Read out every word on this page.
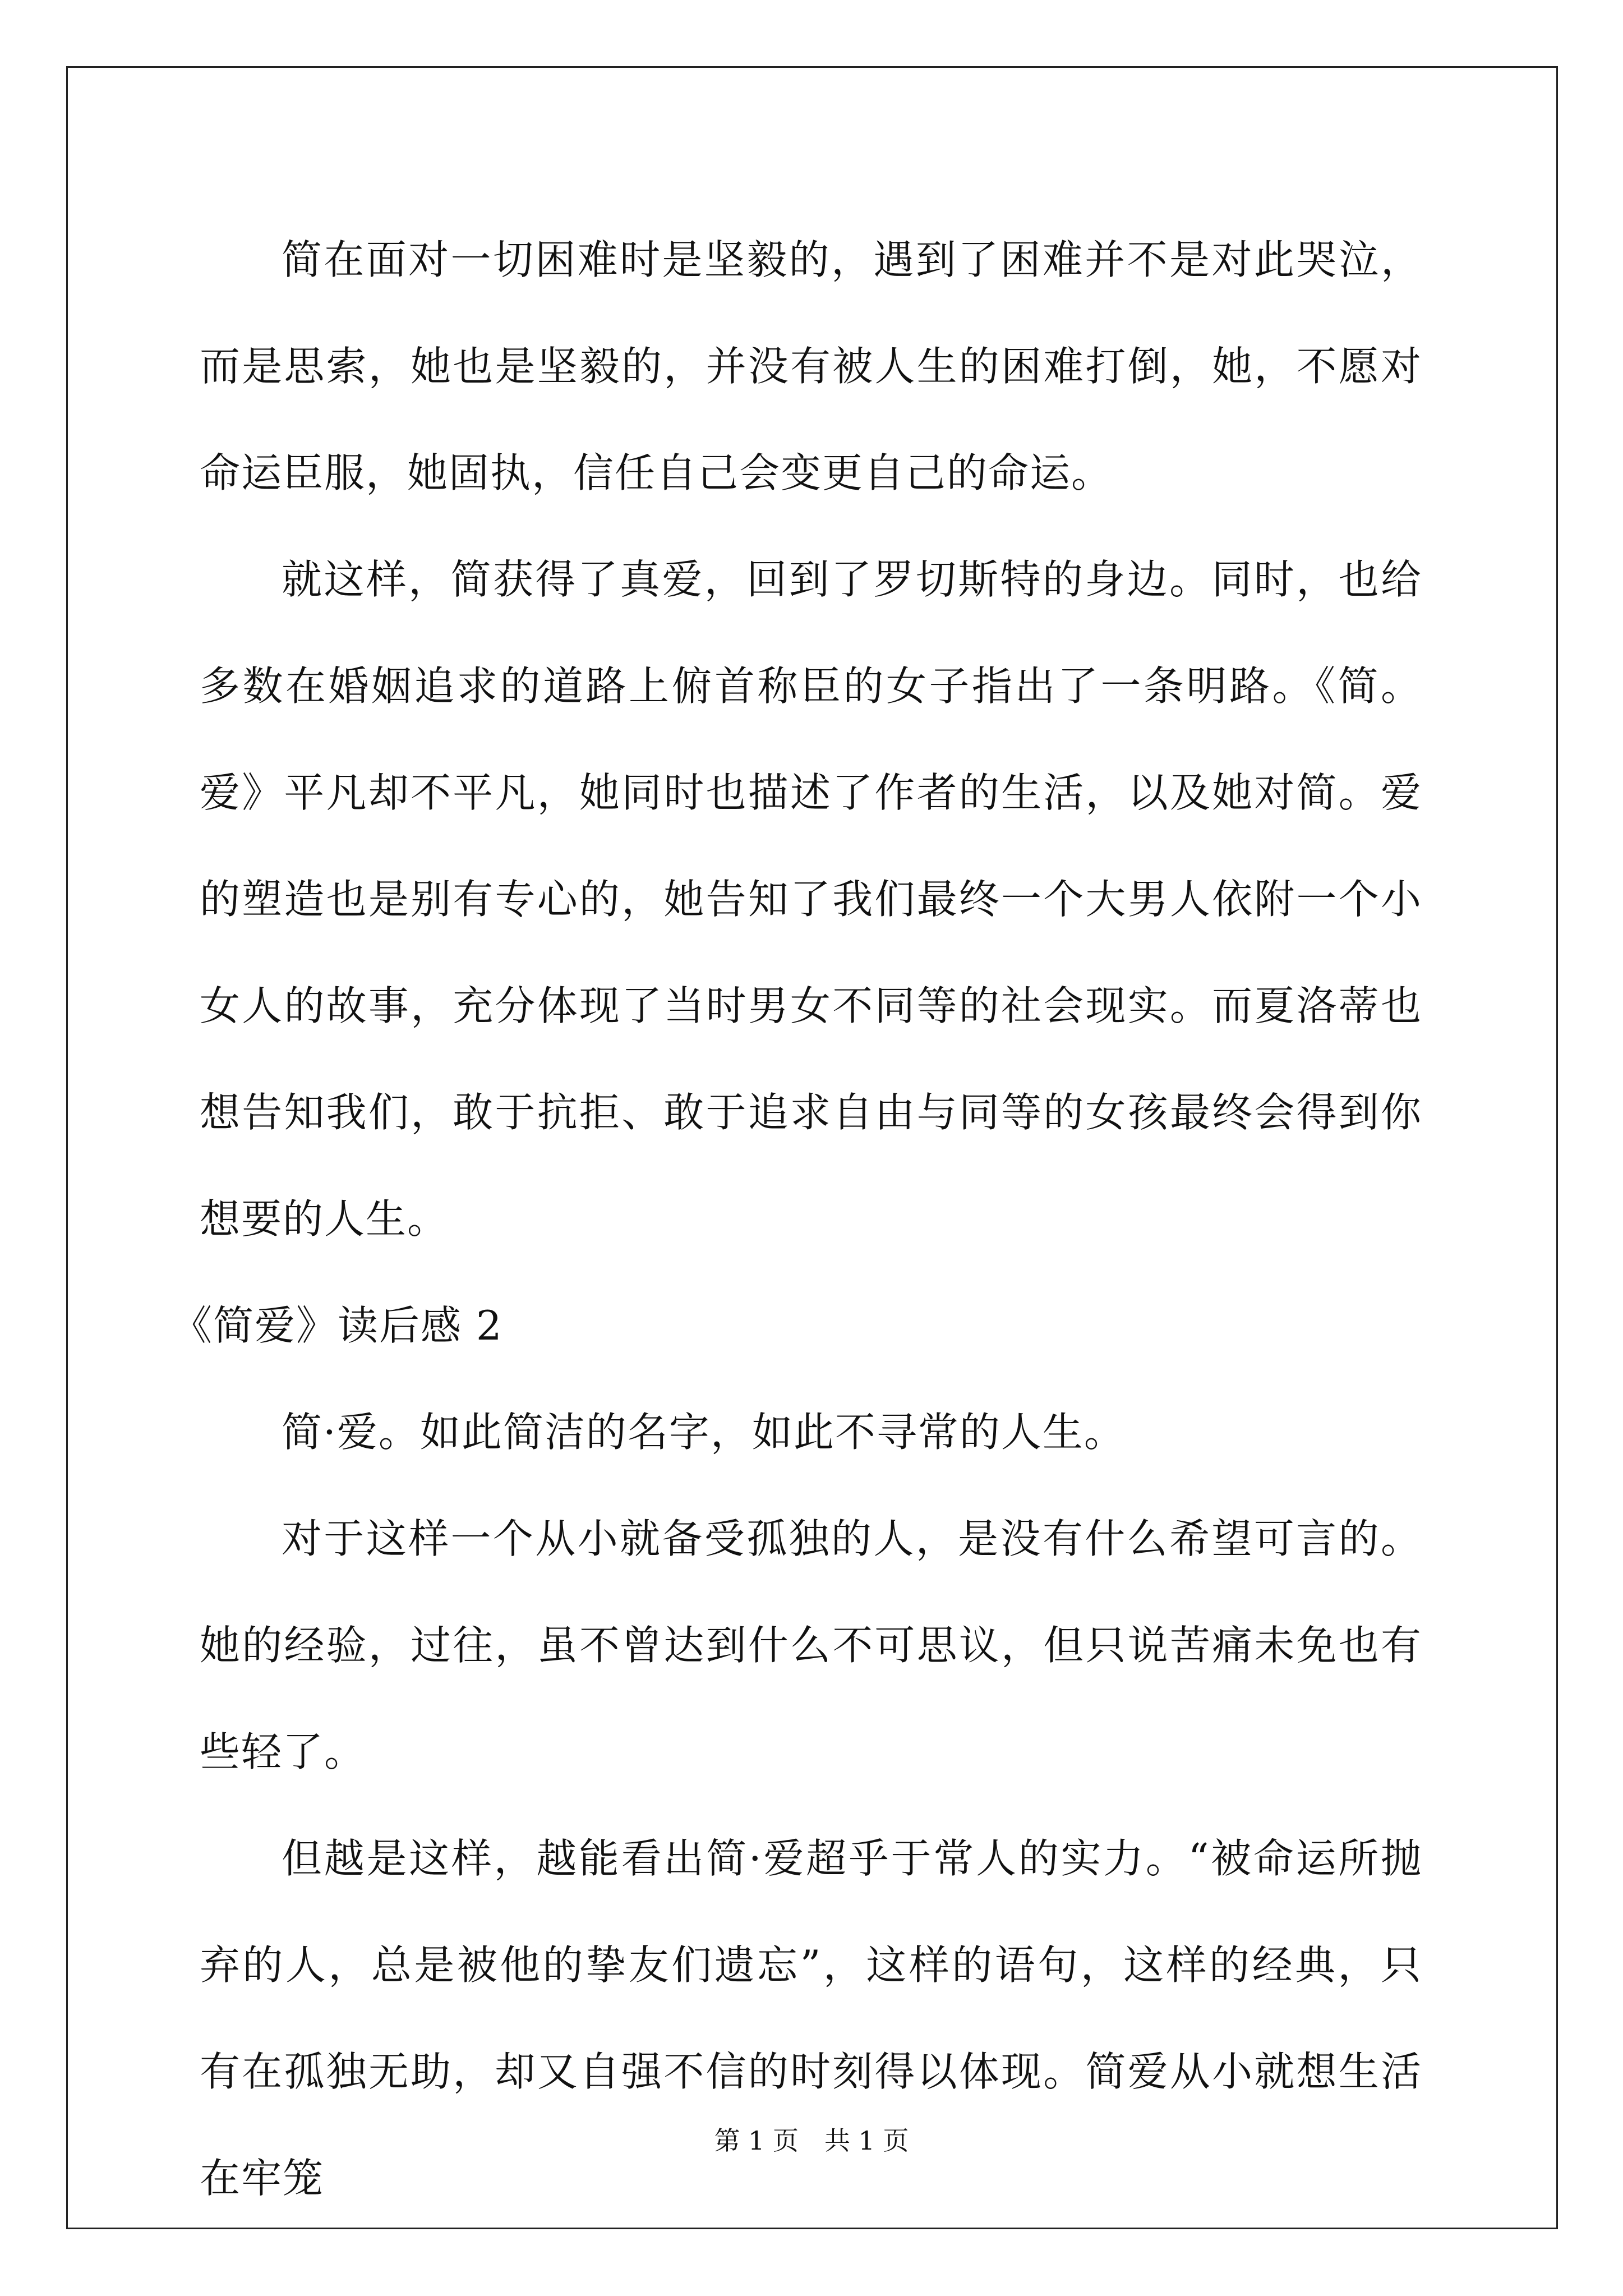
简在面对一切困难时是坚毅的，遇到了困难并不是对此哭泣，而是思索，她也是坚毅的，并没有被人生的困难打倒，她，不愿对命运臣服，她固执，信任自己会变更自己的命运。

就这样，简获得了真爱，回到了罗切斯特的身边。同时，也给多数在婚姻追求的道路上俯首称臣的女子指出了一条明路。《简。爱》平凡却不平凡，她同时也描述了作者的生活，以及她对简。爱的塑造也是别有专心的，她告知了我们最终一个大男人依附一个小女人的故事，充分体现了当时男女不同等的社会现实。而夏洛蒂也想告知我们，敢于抗拒、敢于追求自由与同等的女孩最终会得到你想要的人生。

《简爱》读后感 2

简·爱。如此简洁的名字，如此不寻常的人生。

对于这样一个从小就备受孤独的人，是没有什么希望可言的。她的经验，过往，虽不曾达到什么不可思议，但只说苦痛未免也有些轻了。

但越是这样，越能看出简·爱超乎于常人的实力。“被命运所抛弃的人，总是被他的挚友们遗忘”，这样的语句，这样的经典，只有在孤独无助，却又自强不信的时刻得以体现。简爱从小就想生活在牢笼

第 1 页　共 1 页
